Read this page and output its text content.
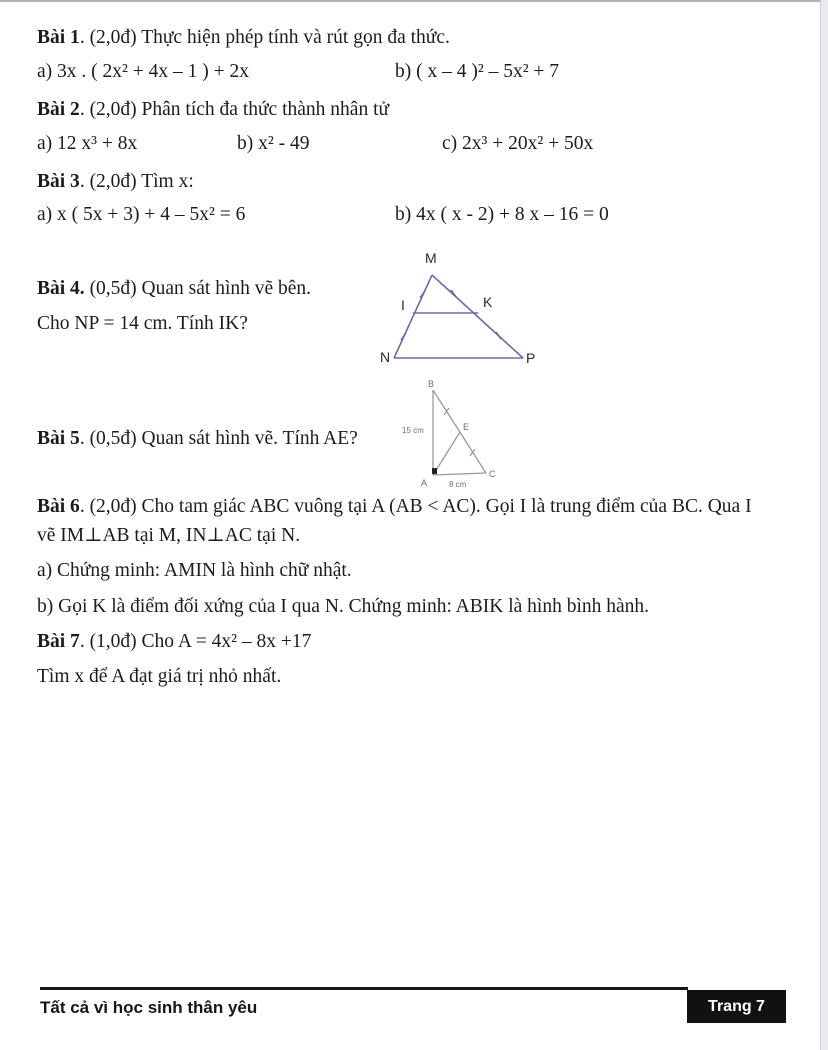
Bài 1. (2,0đ) Thực hiện phép tính và rút gọn đa thức.
a) 3x . ( 2x² + 4x – 1 ) + 2x	b) ( x – 4 )² – 5x² + 7
Bài 2. (2,0đ) Phân tích đa thức thành nhân tử
a) 12 x³ + 8x	b) x² - 49	c) 2x³ + 20x² + 50x
Bài 3. (2,0đ) Tìm x:
a) x ( 5x + 3) + 4 – 5x² = 6	b) 4x ( x - 2) + 8 x – 16 = 0
Bài 4. (0,5đ) Quan sát hình vẽ bên.
Cho NP = 14 cm. Tính IK?
M
I	K
N	P
Bài 5. (0,5đ) Quan sát hình vẽ. Tính AE?
B
A
C
E
15 cm
8 cm
Bài 6. (2,0đ) Cho tam giác ABC vuông tại A (AB < AC). Gọi I là trung điểm của BC. Qua I
vẽ IM⊥AB tại M, IN⊥AC tại N.
a) Chứng minh: AMIN là hình chữ nhật.
b) Gọi K là điểm đối xứng của I qua N. Chứng minh: ABIK là hình bình hành.
Bài 7. (1,0đ) Cho A = 4x² – 8x +17
Tìm x để A đạt giá trị nhỏ nhất.
Tất cả vì học sinh thân yêu	Trang 7
